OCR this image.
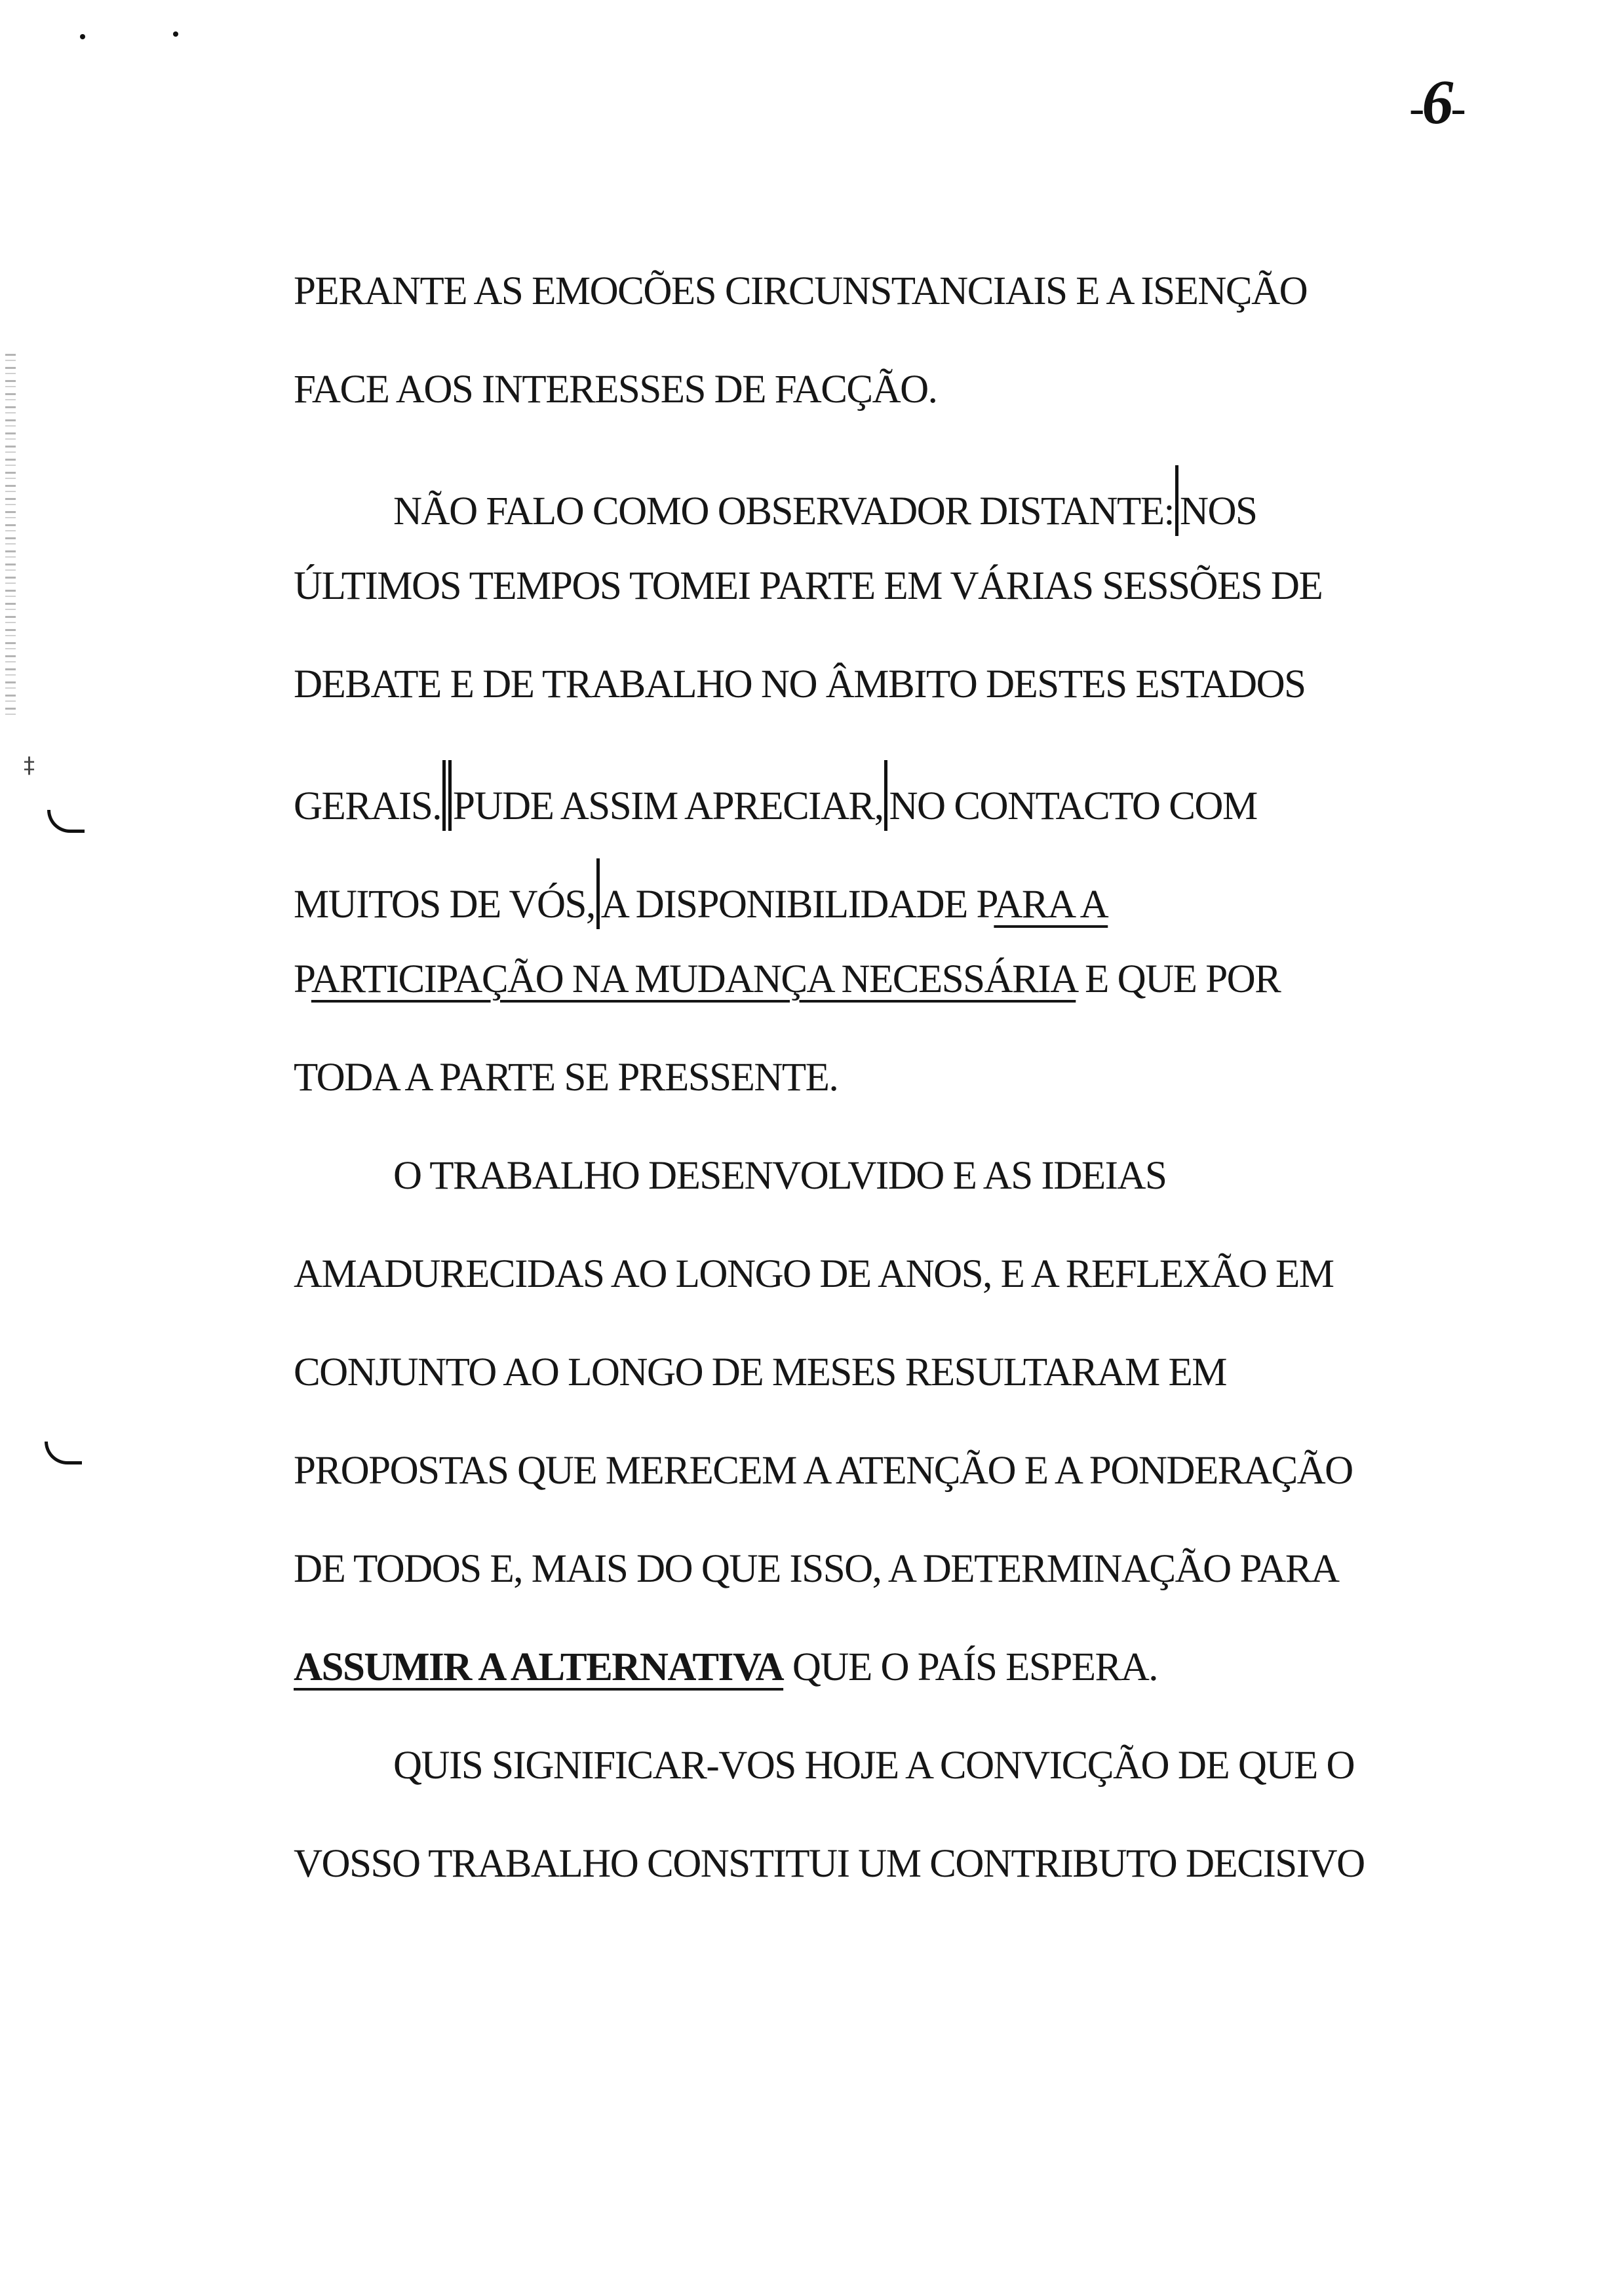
-6-
‡
PERANTE AS EMOCÕES CIRCUNSTANCIAIS E A ISENÇÃO
FACE AOS INTERESSES DE FACÇÃO.
NÃO FALO COMO OBSERVADOR DISTANTE: NOS
ÚLTIMOS TEMPOS TOMEI PARTE EM VÁRIAS SESSÕES DE
DEBATE E DE TRABALHO NO ÂMBITO DESTES ESTADOS
GERAIS. PUDE ASSIM APRECIAR, NO CONTACTO COM
MUITOS DE VÓS, A DISPONIBILIDADE PARA A
PARTICIPAÇÃO NA MUDANÇA NECESSÁRIA E QUE POR
TODA A PARTE SE PRESSENTE.
O TRABALHO DESENVOLVIDO E AS IDEIAS
AMADURECIDAS AO LONGO DE ANOS, E A REFLEXÃO EM
CONJUNTO AO LONGO DE MESES RESULTARAM EM
PROPOSTAS QUE MERECEM A ATENÇÃO E A PONDERAÇÃO
DE TODOS E, MAIS DO QUE ISSO, A DETERMINAÇÃO PARA
ASSUMIR A ALTERNATIVA QUE O PAÍS ESPERA.
QUIS SIGNIFICAR-VOS HOJE A CONVICÇÃO DE QUE O
VOSSO TRABALHO CONSTITUI UM CONTRIBUTO DECISIVO
